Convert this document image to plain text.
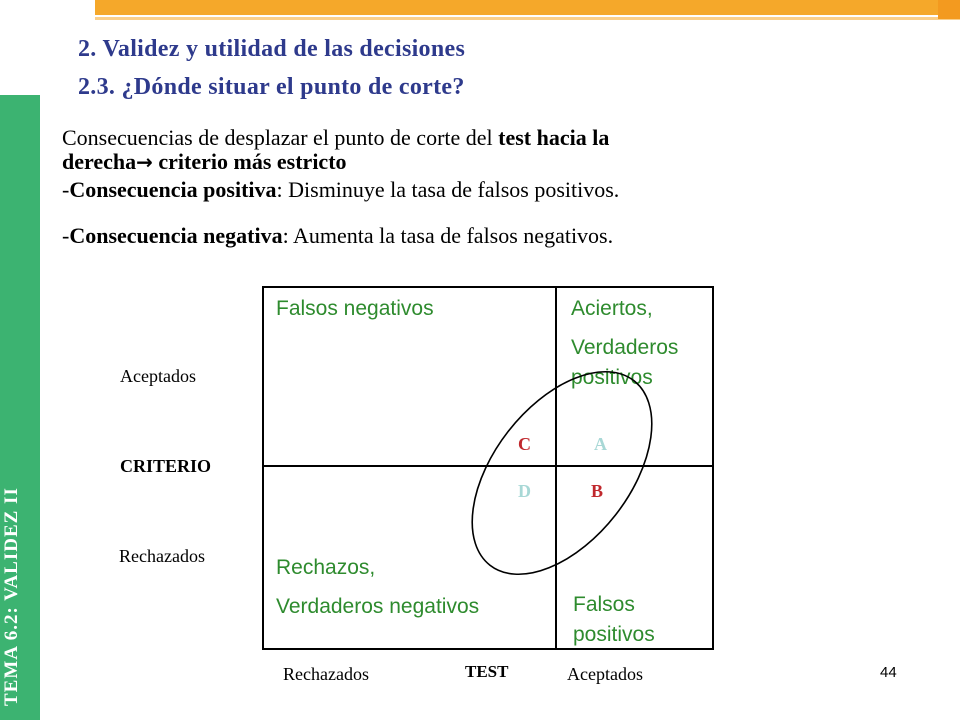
TEMA 6.2: VALIDEZ II
2. Validez y utilidad de las decisiones
2.3. ¿Dónde situar el punto de corte?
Consecuencias de desplazar el punto de corte del test hacia la
derecha→ criterio más estricto
-Consecuencia positiva: Disminuye la tasa de falsos positivos.
-Consecuencia negativa: Aumenta la tasa de falsos negativos.
Falsos negativos	Aciertos,
Verdaderos positivos
Rechazos,
Verdaderos negativos	Falsos positivos
C	A
D	B
Aceptados
CRITERIO
Rechazados
Rechazados	TEST	Aceptados	44
